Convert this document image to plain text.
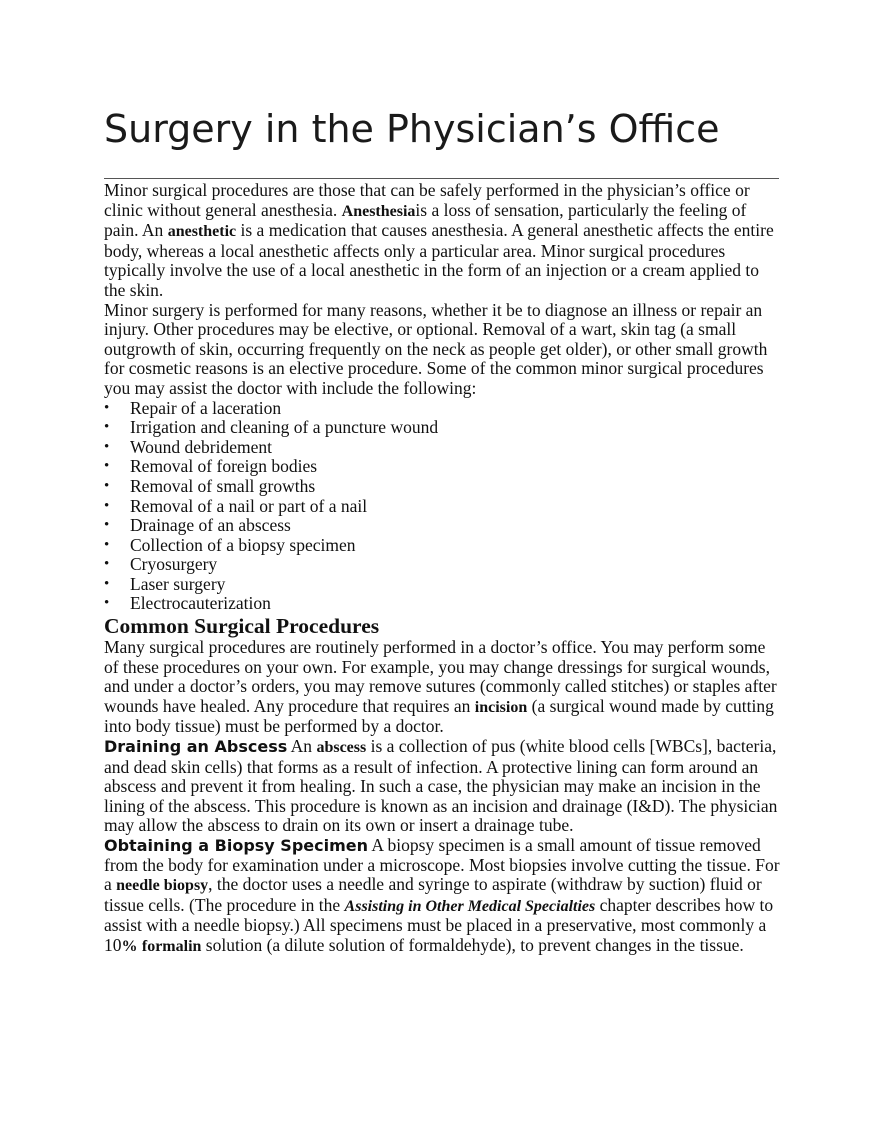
Surgery in the Physician’s Office

Minor surgical procedures are those that can be safely performed in the physician’s office or clinic without general anesthesia. Anesthesiais a loss of sensation, particularly the feeling of pain. An anesthetic is a medication that causes anesthesia. A general anesthetic affects the entire body, whereas a local anesthetic affects only a particular area. Minor surgical procedures typically involve the use of a local anesthetic in the form of an injection or a cream applied to the skin.

Minor surgery is performed for many reasons, whether it be to diagnose an illness or repair an injury. Other procedures may be elective, or optional. Removal of a wart, skin tag (a small outgrowth of skin, occurring frequently on the neck as people get older), or other small growth for cosmetic reasons is an elective procedure. Some of the common minor surgical procedures you may assist the doctor with include the following:

• Repair of a laceration
• Irrigation and cleaning of a puncture wound
• Wound debridement
• Removal of foreign bodies
• Removal of small growths
• Removal of a nail or part of a nail
• Drainage of an abscess
• Collection of a biopsy specimen
• Cryosurgery
• Laser surgery
• Electrocauterization
Common Surgical Procedures

Many surgical procedures are routinely performed in a doctor’s office. You may perform some of these procedures on your own. For example, you may change dressings for surgical wounds, and under a doctor’s orders, you may remove sutures (commonly called stitches) or staples after wounds have healed. Any procedure that requires an incision (a surgical wound made by cutting into body tissue) must be performed by a doctor.

Draining an Abscess An abscess is a collection of pus (white blood cells [WBCs], bacteria, and dead skin cells) that forms as a result of infection. A protective lining can form around an abscess and prevent it from healing. In such a case, the physician may make an incision in the lining of the abscess. This procedure is known as an incision and drainage (I&D). The physician may allow the abscess to drain on its own or insert a drainage tube.

Obtaining a Biopsy Specimen A biopsy specimen is a small amount of tissue removed from the body for examination under a microscope. Most biopsies involve cutting the tissue. For a needle biopsy, the doctor uses a needle and syringe to aspirate (withdraw by suction) fluid or tissue cells. (The procedure in the Assisting in Other Medical Specialties chapter describes how to assist with a needle biopsy.) All specimens must be placed in a preservative, most commonly a 10% formalin solution (a dilute solution of formaldehyde), to prevent changes in the tissue.
